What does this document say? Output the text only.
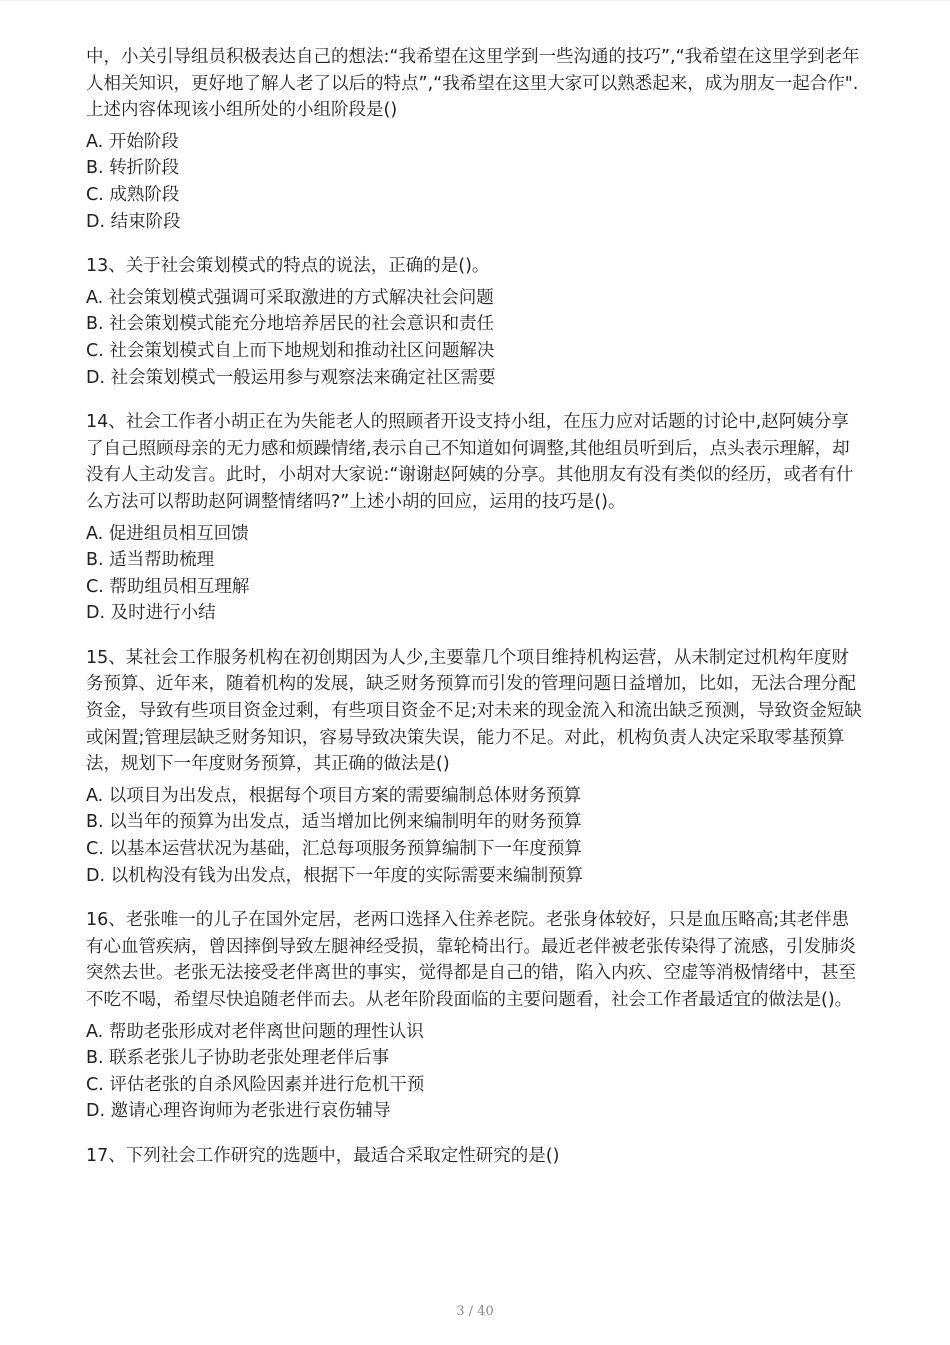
中，小关引导组员积极表达自己的想法:“我希望在这里学到一些沟通的技巧”,“我希望在这里学到老年人相关知识，更好地了解人老了以后的特点”,“我希望在这里大家可以熟悉起来，成为朋友一起合作".上述内容体现该小组所处的小组阶段是()

A. 开始阶段

B. 转折阶段

C. 成熟阶段

D. 结束阶段

13、关于社会策划模式的特点的说法，正确的是()。

A. 社会策划模式强调可采取激进的方式解决社会问题

B. 社会策划模式能充分地培养居民的社会意识和责任

C. 社会策划模式自上而下地规划和推动社区问题解决

D. 社会策划模式一般运用参与观察法来确定社区需要

14、社会工作者小胡正在为失能老人的照顾者开设支持小组，在压力应对话题的讨论中,赵阿姨分享了自己照顾母亲的无力感和烦躁情绪,表示自己不知道如何调整,其他组员听到后，点头表示理解，却没有人主动发言。此时，小胡对大家说:“谢谢赵阿姨的分享。其他朋友有没有类似的经历，或者有什么方法可以帮助赵阿调整情绪吗?”上述小胡的回应，运用的技巧是()。

A. 促进组员相互回馈

B. 适当帮助梳理

C. 帮助组员相互理解

D. 及时进行小结

15、某社会工作服务机构在初创期因为人少,主要靠几个项目维持机构运营，从未制定过机构年度财务预算、近年来，随着机构的发展，缺乏财务预算而引发的管理问题日益增加，比如，无法合理分配资金，导致有些项目资金过剩，有些项目资金不足;对未来的现金流入和流出缺乏预测，导致资金短缺或闲置;管理层缺乏财务知识，容易导致决策失误，能力不足。对此，机构负责人决定采取零基预算法，规划下一年度财务预算，其正确的做法是()

A. 以项目为出发点，根据每个项目方案的需要编制总体财务预算

B. 以当年的预算为出发点，适当增加比例来编制明年的财务预算

C. 以基本运营状况为基础，汇总每项服务预算编制下一年度预算

D. 以机构没有钱为出发点，根据下一年度的实际需要来编制预算

16、老张唯一的儿子在国外定居，老两口选择入住养老院。老张身体较好，只是血压略高;其老伴患有心血管疾病，曾因摔倒导致左腿神经受损，靠轮椅出行。最近老伴被老张传染得了流感，引发肺炎突然去世。老张无法接受老伴离世的事实，觉得都是自己的错，陷入内疚、空虚等消极情绪中，甚至不吃不喝，希望尽快追随老伴而去。从老年阶段面临的主要问题看，社会工作者最适宜的做法是()。

A. 帮助老张形成对老伴离世问题的理性认识

B. 联系老张儿子协助老张处理老伴后事

C. 评估老张的自杀风险因素并进行危机干预

D. 邀请心理咨询师为老张进行哀伤辅导

17、下列社会工作研究的选题中，最适合采取定性研究的是()

3 / 40
